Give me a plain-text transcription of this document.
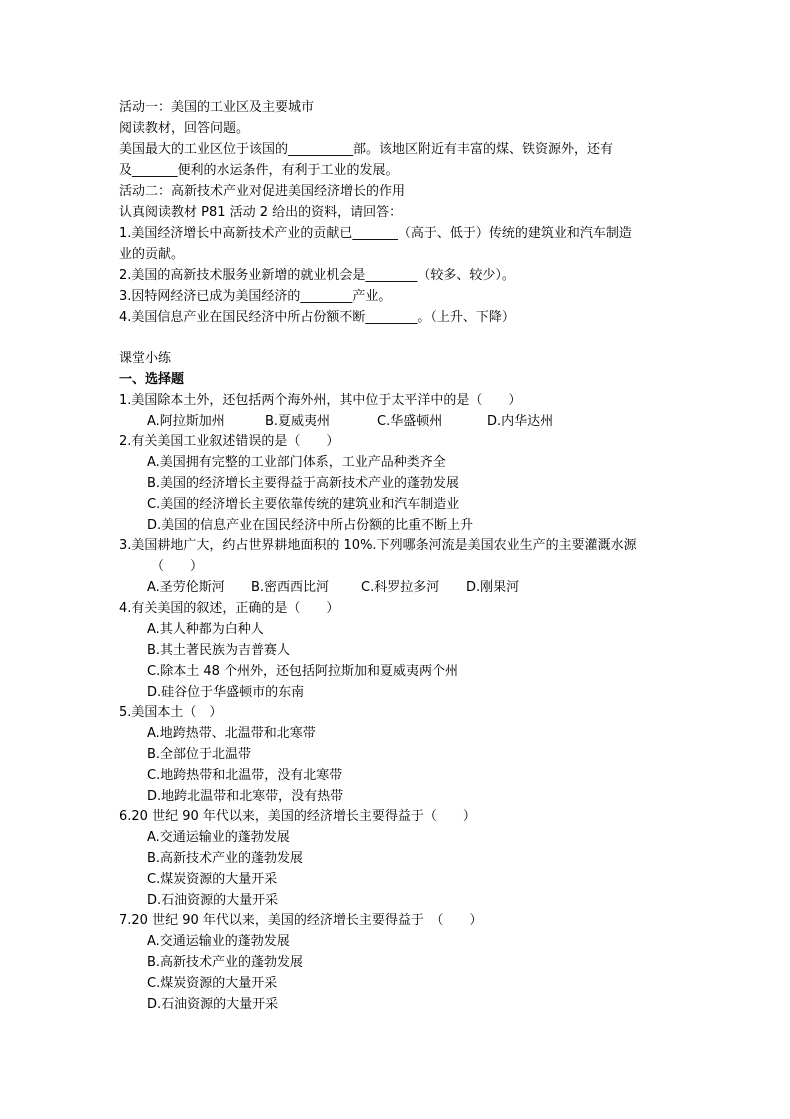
活动一：美国的工业区及主要城市
阅读教材，回答问题。
美国最大的工业区位于该国的__________部。该地区附近有丰富的煤、铁资源外，还有
及_______便利的水运条件，有利于工业的发展。
活动二：高新技术产业对促进美国经济增长的作用
认真阅读教材 P81 活动 2 给出的资料，请回答：
1.美国经济增长中高新技术产业的贡献已_______（高于、低于）传统的建筑业和汽车制造
业的贡献。
2.美国的高新技术服务业新增的就业机会是________（较多、较少）。
3.因特网经济已成为美国经济的________产业。
4.美国信息产业在国民经济中所占份额不断________。（上升、下降）
课堂小练
一、选择题
1.美国除本土外，还包括两个海外州，其中位于太平洋中的是（　　）
A.阿拉斯加州	B.夏威夷州	C.华盛顿州	D.内华达州
2.有关美国工业叙述错误的是（　　）
A.美国拥有完整的工业部门体系，工业产品种类齐全
B.美国的经济增长主要得益于高新技术产业的蓬勃发展
C.美国的经济增长主要依靠传统的建筑业和汽车制造业
D.美国的信息产业在国民经济中所占份额的比重不断上升
3.美国耕地广大，约占世界耕地面积的 10%.下列哪条河流是美国农业生产的主要灌溉水源
（　　）
A.圣劳伦斯河 B.密西西比河 C.科罗拉多河 D.刚果河
4.有关美国的叙述，正确的是（　　）
A.其人种都为白种人
B.其土著民族为吉普赛人
C.除本土 48 个州外，还包括阿拉斯加和夏威夷两个州
D.硅谷位于华盛顿市的东南
5.美国本土（　）
A.地跨热带、北温带和北寒带
B.全部位于北温带
C.地跨热带和北温带，没有北寒带
D.地跨北温带和北寒带，没有热带
6.20 世纪 90 年代以来，美国的经济增长主要得益于（　　）
A.交通运输业的蓬勃发展
B.高新技术产业的蓬勃发展
C.煤炭资源的大量开采
D.石油资源的大量开采
7.20 世纪 90 年代以来，美国的经济增长主要得益于　（　　）
A.交通运输业的蓬勃发展
B.高新技术产业的蓬勃发展
C.煤炭资源的大量开采
D.石油资源的大量开采
